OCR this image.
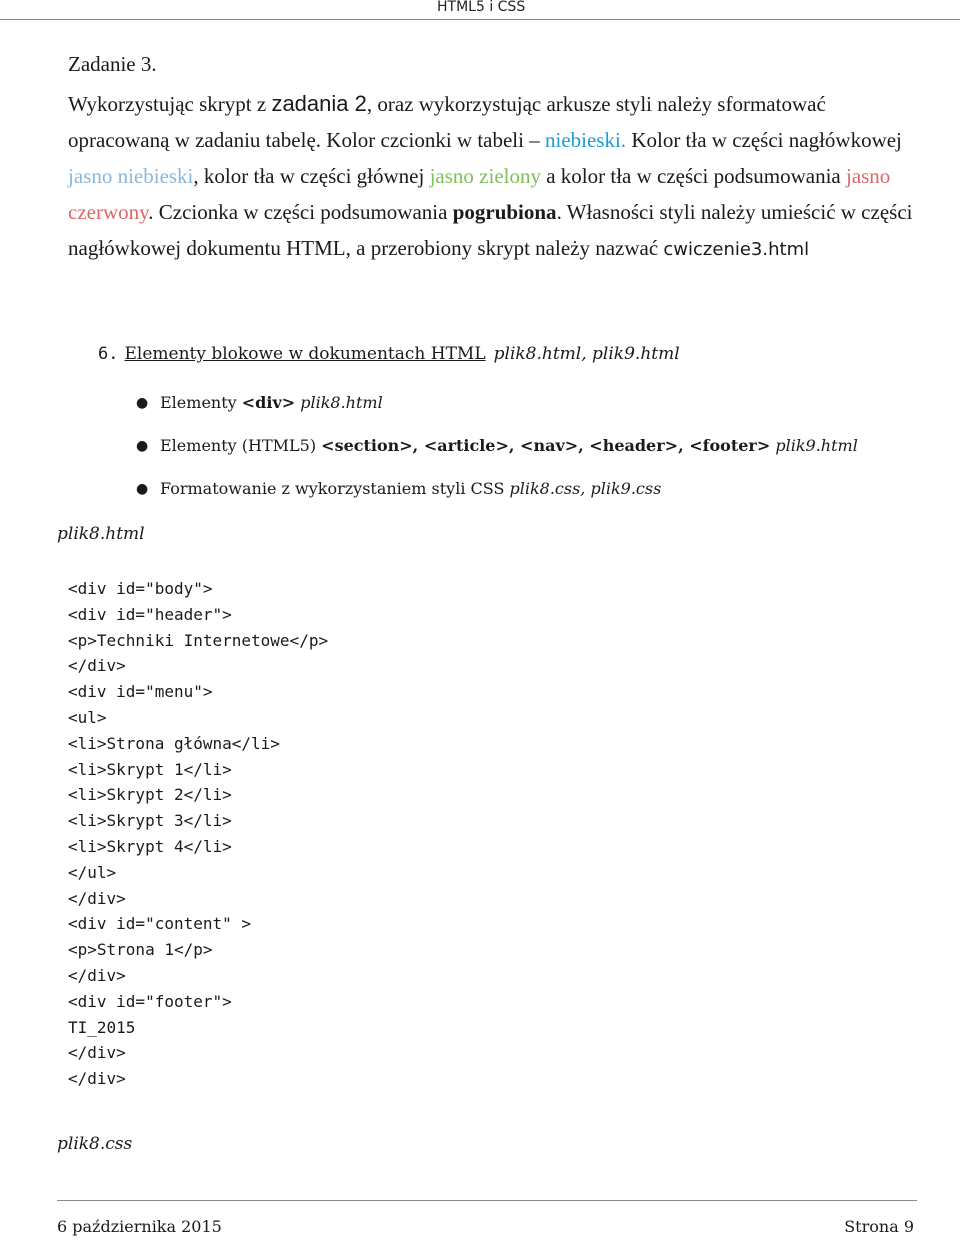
HTML5 i CSS

Zadanie 3.

Wykorzystując skrypt z zadania 2, oraz wykorzystując arkusze styli należy sformatować opracowaną w zadaniu tabelę. Kolor czcionki w tabeli – niebieski. Kolor tła w części nagłówkowej jasno niebieski, kolor tła w części głównej jasno zielony a kolor tła w części podsumowania jasno czerwony. Czcionka w części podsumowania pogrubiona. Własności styli należy umieścić w części nagłówkowej dokumentu HTML, a przerobiony skrypt należy nazwać cwiczenie3.html

6. Elementy blokowe w dokumentach HTML plik8.html, plik9.html
● Elementy <div> plik8.html
● Elementy (HTML5) <section>, <article>, <nav>, <header>, <footer> plik9.html
● Formatowanie z wykorzystaniem styli CSS plik8.css, plik9.css
plik8.html
<div id="body">
<div id="header">
<p>Techniki Internetowe</p>
</div>
<div id="menu">
<ul>
<li>Strona główna</li>
<li>Skrypt 1</li>
<li>Skrypt 2</li>
<li>Skrypt 3</li>
<li>Skrypt 4</li>
</ul>
</div>
<div id="content" >
<p>Strona 1</p>
</div>
<div id="footer">
TI_2015
</div>
</div>
plik8.css
6 października 2015	Strona 9
